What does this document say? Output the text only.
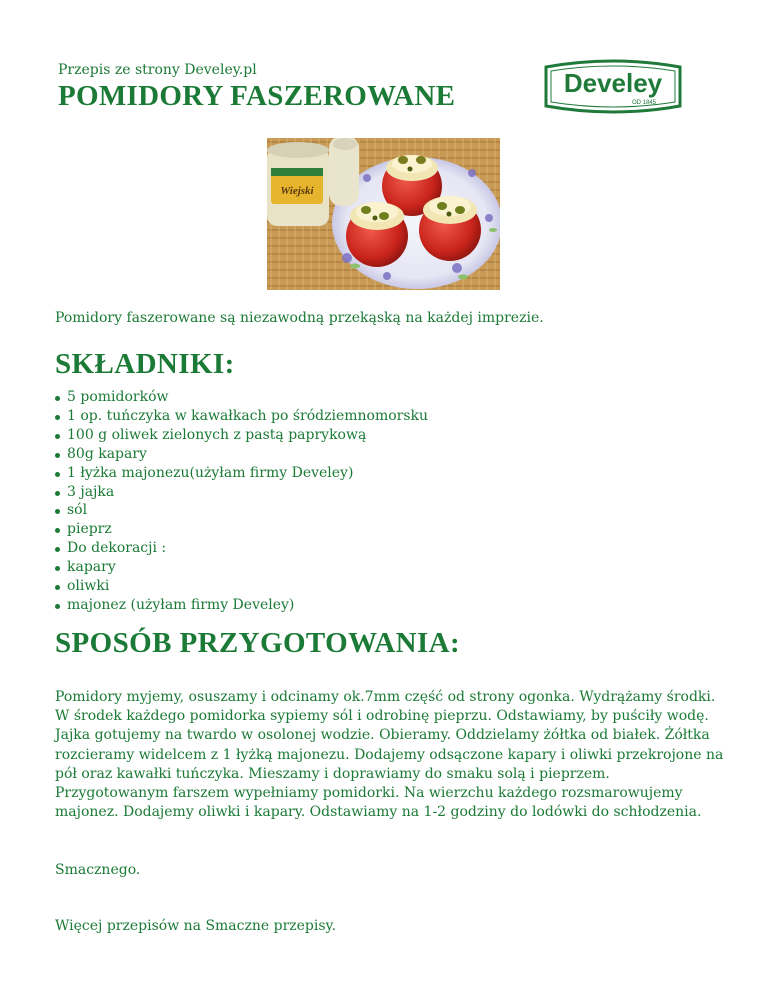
Przepis ze strony Develey.pl
POMIDORY FASZEROWANE	Develey
OD 1845
Wiejski
Pomidory faszerowane są niezawodną przekąską na każdej imprezie.
SKŁADNIKI:
5 pomidorków
1 op. tuńczyka w kawałkach po śródziemnomorsku
100 g oliwek zielonych z pastą paprykową
80g kapary
1 łyżka majonezu(użyłam firmy Develey)
3 jajka
sól
pieprz
Do dekoracji :
kapary
oliwki
majonez (użyłam firmy Develey)
SPOSÓB PRZYGOTOWANIA:

Pomidory myjemy, osuszamy i odcinamy ok.7mm część od strony ogonka. Wydrążamy środki. W środek każdego pomidorka sypiemy sól i odrobinę pieprzu. Odstawiamy, by puściły wodę. Jajka gotujemy na twardo w osolonej wodzie. Obieramy. Oddzielamy żółtka od białek. Żółtka rozcieramy widelcem z 1 łyżką majonezu. Dodajemy odsączone kapary i oliwki przekrojone na pół oraz kawałki tuńczyka. Mieszamy i doprawiamy do smaku solą i pieprzem. Przygotowanym farszem wypełniamy pomidorki. Na wierzchu każdego rozsmarowujemy majonez. Dodajemy oliwki i kapary. Odstawiamy na 1-2 godziny do lodówki do schłodzenia.

Smacznego.
Więcej przepisów na Smaczne przepisy.
